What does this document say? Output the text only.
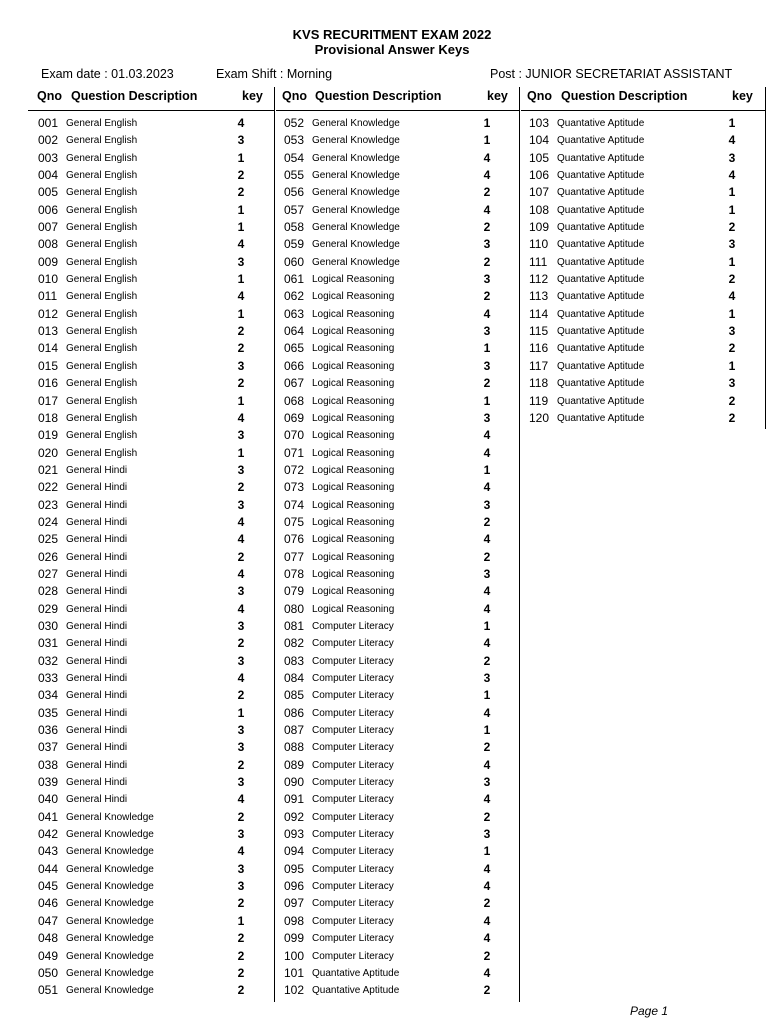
KVS RECURITMENT EXAM 2022
Provisional Answer Keys
Exam date : 01.03.2023	Exam Shift : Morning	Post : JUNIOR SECRETARIAT ASSISTANT
Qno Question Description	key Qno Question Description	key Qno Question Description	key
001 General English	4
002 General English	3
003 General English	1
004 General English	2
005 General English	2
006 General English	1
007 General English	1
008 General English	4
009 General English	3
010 General English	1
011 General English	4
012 General English	1
013 General English	2
014 General English	2
015 General English	3
016 General English	2
017 General English	1
018 General English	4
019 General English	3
020 General English	1
021 General Hindi	3
022 General Hindi	2
023 General Hindi	3
024 General Hindi	4
025 General Hindi	4
026 General Hindi	2
027 General Hindi	4
028 General Hindi	3
029 General Hindi	4
030 General Hindi	3
031 General Hindi	2
032 General Hindi	3
033 General Hindi	4
034 General Hindi	2
035 General Hindi	1
036 General Hindi	3
037 General Hindi	3
038 General Hindi	2
039 General Hindi	3
040 General Hindi	4
041 General Knowledge	2
042 General Knowledge	3
043 General Knowledge	4
044 General Knowledge	3
045 General Knowledge	3
046 General Knowledge	2
047 General Knowledge	1
048 General Knowledge	2
049 General Knowledge	2
050 General Knowledge	2
051 General Knowledge	2
052 General Knowledge	1
053 General Knowledge	1
054 General Knowledge	4
055 General Knowledge	4
056 General Knowledge	2
057 General Knowledge	4
058 General Knowledge	2
059 General Knowledge	3
060 General Knowledge	2
061 Logical Reasoning	3
062 Logical Reasoning	2
063 Logical Reasoning	4
064 Logical Reasoning	3
065 Logical Reasoning	1
066 Logical Reasoning	3
067 Logical Reasoning	2
068 Logical Reasoning	1
069 Logical Reasoning	3
070 Logical Reasoning	4
071 Logical Reasoning	4
072 Logical Reasoning	1
073 Logical Reasoning	4
074 Logical Reasoning	3
075 Logical Reasoning	2
076 Logical Reasoning	4
077 Logical Reasoning	2
078 Logical Reasoning	3
079 Logical Reasoning	4
080 Logical Reasoning	4
081 Computer Literacy	1
082 Computer Literacy	4
083 Computer Literacy	2
084 Computer Literacy	3
085 Computer Literacy	1
086 Computer Literacy	4
087 Computer Literacy	1
088 Computer Literacy	2
089 Computer Literacy	4
090 Computer Literacy	3
091 Computer Literacy	4
092 Computer Literacy	2
093 Computer Literacy	3
094 Computer Literacy	1
095 Computer Literacy	4
096 Computer Literacy	4
097 Computer Literacy	2
098 Computer Literacy	4
099 Computer Literacy	4
100 Computer Literacy	2
101 Quantative Aptitude	4
102 Quantative Aptitude	2
103 Quantative Aptitude	1
104 Quantative Aptitude	4
105 Quantative Aptitude	3
106 Quantative Aptitude	4
107 Quantative Aptitude	1
108 Quantative Aptitude	1
109 Quantative Aptitude	2
110 Quantative Aptitude	3
111 Quantative Aptitude	1
112 Quantative Aptitude	2
113 Quantative Aptitude	4
114 Quantative Aptitude	1
115 Quantative Aptitude	3
116 Quantative Aptitude	2
117 Quantative Aptitude	1
118 Quantative Aptitude	3
119 Quantative Aptitude	2
120 Quantative Aptitude	2
Page 1
